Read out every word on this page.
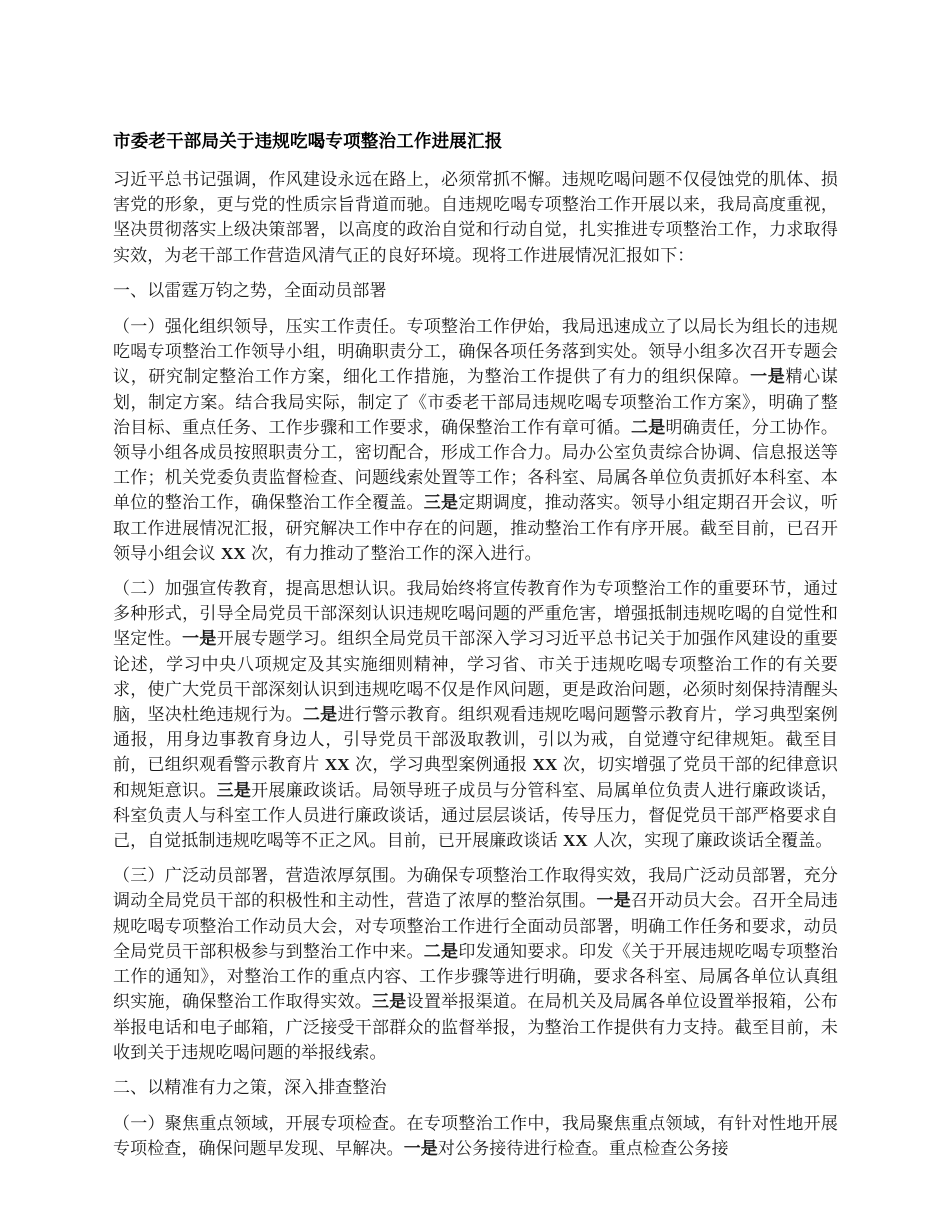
市委老干部局关于违规吃喝专项整治工作进展汇报

习近平总书记强调，作风建设永远在路上，必须常抓不懈。违规吃喝问题不仅侵蚀党的肌体、损害党的形象，更与党的性质宗旨背道而驰。自违规吃喝专项整治工作开展以来，我局高度重视，坚决贯彻落实上级决策部署，以高度的政治自觉和行动自觉，扎实推进专项整治工作，力求取得实效，为老干部工作营造风清气正的良好环境。现将工作进展情况汇报如下：

一、以雷霆万钧之势，全面动员部署

（一）强化组织领导，压实工作责任。专项整治工作伊始，我局迅速成立了以局长为组长的违规吃喝专项整治工作领导小组，明确职责分工，确保各项任务落到实处。领导小组多次召开专题会议，研究制定整治工作方案，细化工作措施，为整治工作提供了有力的组织保障。一是精心谋划，制定方案。结合我局实际，制定了《市委老干部局违规吃喝专项整治工作方案》，明确了整治目标、重点任务、工作步骤和工作要求，确保整治工作有章可循。二是明确责任，分工协作。领导小组各成员按照职责分工，密切配合，形成工作合力。局办公室负责综合协调、信息报送等工作；机关党委负责监督检查、问题线索处置等工作；各科室、局属各单位负责抓好本科室、本单位的整治工作，确保整治工作全覆盖。三是定期调度，推动落实。领导小组定期召开会议，听取工作进展情况汇报，研究解决工作中存在的问题，推动整治工作有序开展。截至目前，已召开领导小组会议 XX 次，有力推动了整治工作的深入进行。

（二）加强宣传教育，提高思想认识。我局始终将宣传教育作为专项整治工作的重要环节，通过多种形式，引导全局党员干部深刻认识违规吃喝问题的严重危害，增强抵制违规吃喝的自觉性和坚定性。一是开展专题学习。组织全局党员干部深入学习习近平总书记关于加强作风建设的重要论述，学习中央八项规定及其实施细则精神，学习省、市关于违规吃喝专项整治工作的有关要求，使广大党员干部深刻认识到违规吃喝不仅是作风问题，更是政治问题，必须时刻保持清醒头脑，坚决杜绝违规行为。二是进行警示教育。组织观看违规吃喝问题警示教育片，学习典型案例通报，用身边事教育身边人，引导党员干部汲取教训，引以为戒，自觉遵守纪律规矩。截至目前，已组织观看警示教育片 XX 次，学习典型案例通报 XX 次，切实增强了党员干部的纪律意识和规矩意识。三是开展廉政谈话。局领导班子成员与分管科室、局属单位负责人进行廉政谈话，科室负责人与科室工作人员进行廉政谈话，通过层层谈话，传导压力，督促党员干部严格要求自己，自觉抵制违规吃喝等不正之风。目前，已开展廉政谈话 XX 人次，实现了廉政谈话全覆盖。

（三）广泛动员部署，营造浓厚氛围。为确保专项整治工作取得实效，我局广泛动员部署，充分调动全局党员干部的积极性和主动性，营造了浓厚的整治氛围。一是召开动员大会。召开全局违规吃喝专项整治工作动员大会，对专项整治工作进行全面动员部署，明确工作任务和要求，动员全局党员干部积极参与到整治工作中来。二是印发通知要求。印发《关于开展违规吃喝专项整治工作的通知》，对整治工作的重点内容、工作步骤等进行明确，要求各科室、局属各单位认真组织实施，确保整治工作取得实效。三是设置举报渠道。在局机关及局属各单位设置举报箱，公布举报电话和电子邮箱，广泛接受干部群众的监督举报，为整治工作提供有力支持。截至目前，未收到关于违规吃喝问题的举报线索。

二、以精准有力之策，深入排查整治

（一）聚焦重点领域，开展专项检查。在专项整治工作中，我局聚焦重点领域，有针对性地开展专项检查，确保问题早发现、早解决。一是对公务接待进行检查。重点检查公务接
